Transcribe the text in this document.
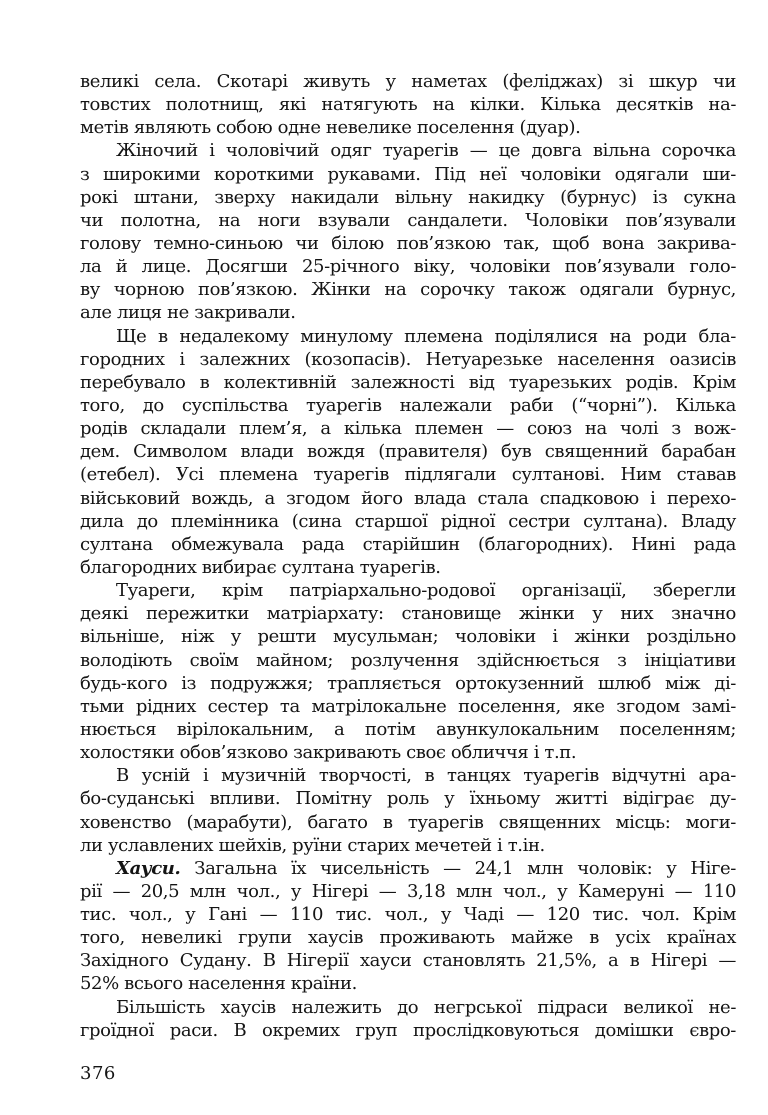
великі села. Скотарі живуть у наметах (феліджах) зі шкур чи
товстих полотнищ, які натягують на кілки. Кілька десятків на-
метів являють собою одне невелике поселення (дуар).
Жіночий і чоловічий одяг туарегів — це довга вільна сорочка
з широкими короткими рукавами. Під неї чоловіки одягали ши-
рокі штани, зверху накидали вільну накидку (бурнус) із сукна
чи полотна, на ноги взували сандалети. Чоловіки пов’язували
голову темно-синьою чи білою пов’язкою так, щоб вона закрива-
ла й лице. Досягши 25-річного віку, чоловіки пов’язували голо-
ву чорною пов’язкою. Жінки на сорочку також одягали бурнус,
але лиця не закривали.
Ще в недалекому минулому племена поділялися на роди бла-
городних і залежних (козопасів). Нетуарезьке населення оазисів
перебувало в колективній залежності від туарезьких родів. Крім
того, до суспільства туарегів належали раби (“чорні”). Кілька
родів складали плем’я, а кілька племен — союз на чолі з вож-
дем. Символом влади вождя (правителя) був священний барабан
(етебел). Усі племена туарегів підлягали султанові. Ним ставав
військовий вождь, а згодом його влада стала спадковою і перехо-
дила до племінника (сина старшої рідної сестри султана). Владу
султана обмежувала рада старійшин (благородних). Нині рада
благородних вибирає султана туарегів.
Туареги, крім патріархально-родової організації, зберегли
деякі пережитки матріархату: становище жінки у них значно
вільніше, ніж у решти мусульман; чоловіки і жінки роздільно
володіють своїм майном; розлучення здійснюється з ініціативи
будь-кого із подружжя; трапляється ортокузенний шлюб між ді-
тьми рідних сестер та матрілокальне поселення, яке згодом замі-
нюється вірілокальним, а потім авункулокальним поселенням;
холостяки обов’язково закривають своє обличчя і т.п.
В усній і музичній творчості, в танцях туарегів відчутні ара-
бо-суданські впливи. Помітну роль у їхньому житті відіграє ду-
ховенство (марабути), багато в туарегів священних місць: моги-
ли уславлених шейхів, руїни старих мечетей і т.ін.
Хауси. Загальна їх чисельність — 24,1 млн чоловік: у Ніге-
рії — 20,5 млн чол., у Нігері — 3,18 млн чол., у Камеруні — 110
тис. чол., у Гані — 110 тис. чол., у Чаді — 120 тис. чол. Крім
того, невеликі групи хаусів проживають майже в усіх країнах
Західного Судану. В Нігерії хауси становлять 21,5%, а в Нігері —
52% всього населення країни.
Більшість хаусів належить до негрської підраси великої не-
гроїдної раси. В окремих груп прослідковуються домішки євро-
376
